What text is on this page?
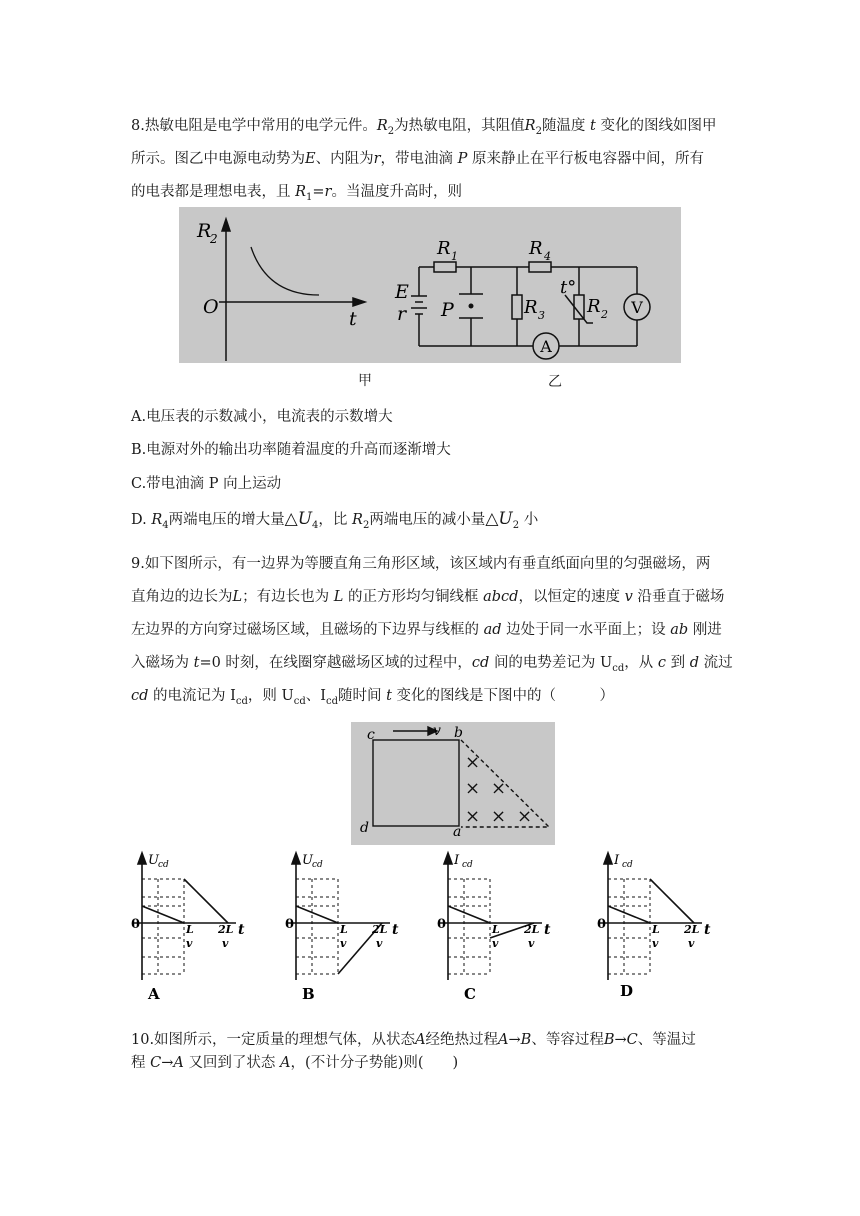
8.热敏电阻是电学中常用的电学元件。$R_2$为热敏电阻，其阻值$R_2$随温度 t 变化的图线如图甲
所示。图乙中电源电动势为E、内阻为r，带电油滴 P 原来静止在平行板电容器中间，所有
的电表都是理想电表，且 $R_1=r$。当温度升高时，则
R
2
O
t
R 1	R 4
E
r P	R 3
t°
R 2
A
V
甲	乙
A.电压表的示数减小，电流表的示数增大
B.电源对外的输出功率随着温度的升高而逐渐增大
C.带电油滴 P 向上运动
D. $R_4$两端电压的增大量$\triangle U_4$，比 $R_2$两端电压的减小量$\triangle U_2$ 小
9.如下图所示，有一边界为等腰直角三角形区域，该区域内有垂直纸面向里的匀强磁场，两
直角边的边长为L；有边长也为 L 的正方形均匀铜线框 abcd，以恒定的速度 v 沿垂直于磁场
左边界的方向穿过磁场区域，且磁场的下边界与线框的 ad 边处于同一水平面上；设 ab 刚进
入磁场为 t=0 时刻，在线圈穿越磁场区域的过程中，cd 间的电势差记为 $U_{cd}$，从 c 到 d 流过
cd 的电流记为 $I_{cd}$，则 $U_{cd}$、$I_{cd}$随时间 t 变化的图线是下图中的（　　　）
c	b
d	a
v
×
× ×
× × ×
U cd
0	L
v
2L
v
t
A
U cd
0	L
v
2L
v
t
B
I cd
0	L
v
2L
v
t
C
I cd
0	L
v
2L
v
t
D
10.如图所示，一定质量的理想气体，从状态A经绝热过程A→B、等容过程B→C、等温过
程 C→A 又回到了状态 A，(不计分子势能)则(　　)
